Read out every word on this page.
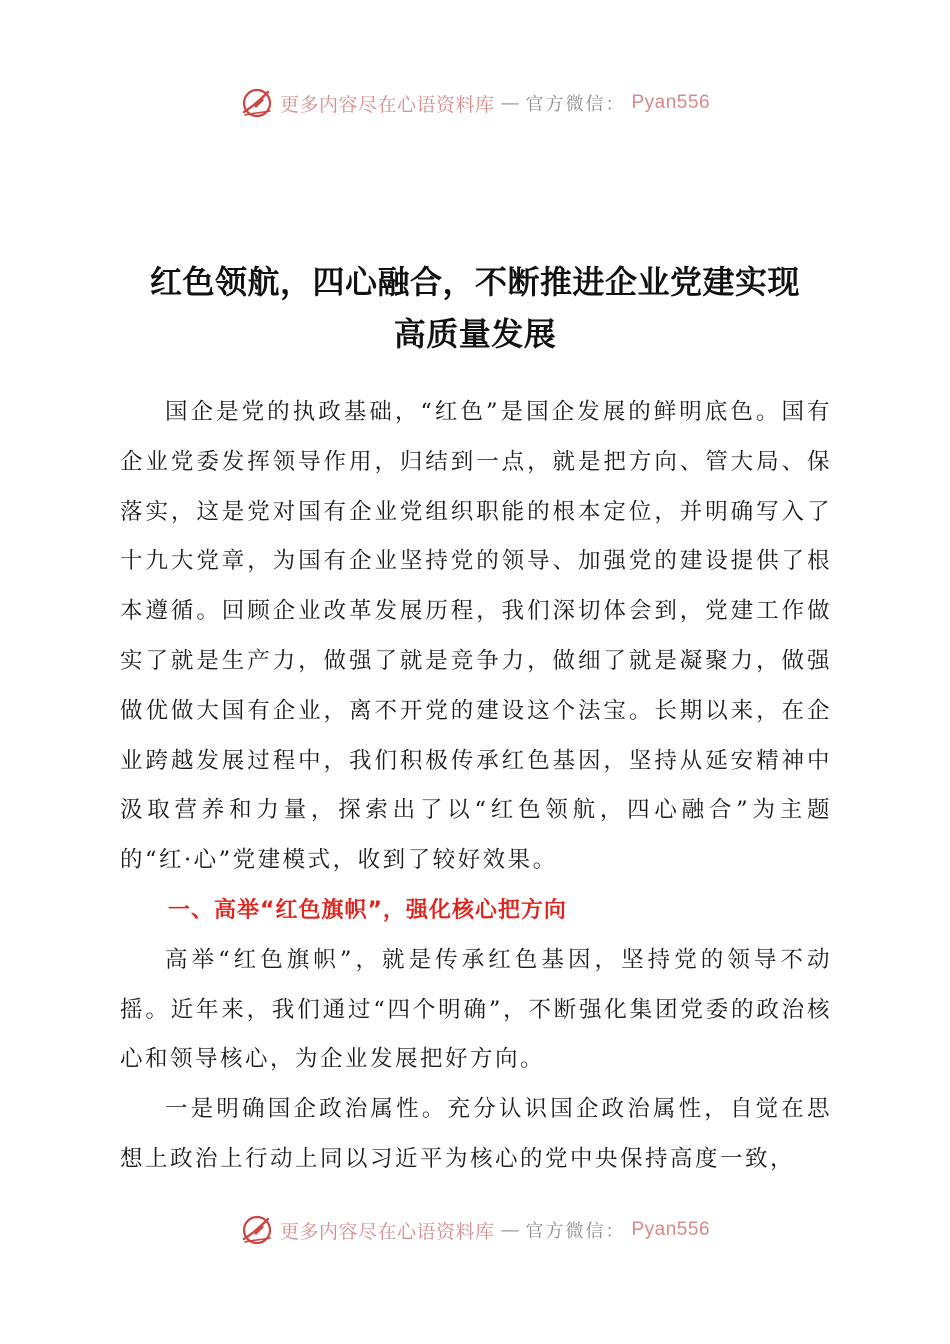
更多内容尽在心语资料库 — 官方微信： Pyan556
红色领航，四心融合，不断推进企业党建实现
高质量发展

国企是党的执政基础，“红色”是国企发展的鲜明底色。国有企业党委发挥领导作用，归结到一点，就是把方向、管大局、保落实，这是党对国有企业党组织职能的根本定位，并明确写入了十九大党章，为国有企业坚持党的领导、加强党的建设提供了根本遵循。回顾企业改革发展历程，我们深切体会到，党建工作做实了就是生产力，做强了就是竞争力，做细了就是凝聚力，做强做优做大国有企业，离不开党的建设这个法宝。长期以来，在企业跨越发展过程中，我们积极传承红色基因，坚持从延安精神中汲取营养和力量，探索出了以“红色领航，四心融合”为主题的“红·心”党建模式，收到了较好效果。

一、高举“红色旗帜”，强化核心把方向

高举“红色旗帜”，就是传承红色基因，坚持党的领导不动摇。近年来，我们通过“四个明确”，不断强化集团党委的政治核心和领导核心，为企业发展把好方向。

一是明确国企政治属性。充分认识国企政治属性，自觉在思想上政治上行动上同以习近平为核心的党中央保持高度一致，

更多内容尽在心语资料库 — 官方微信： Pyan556
